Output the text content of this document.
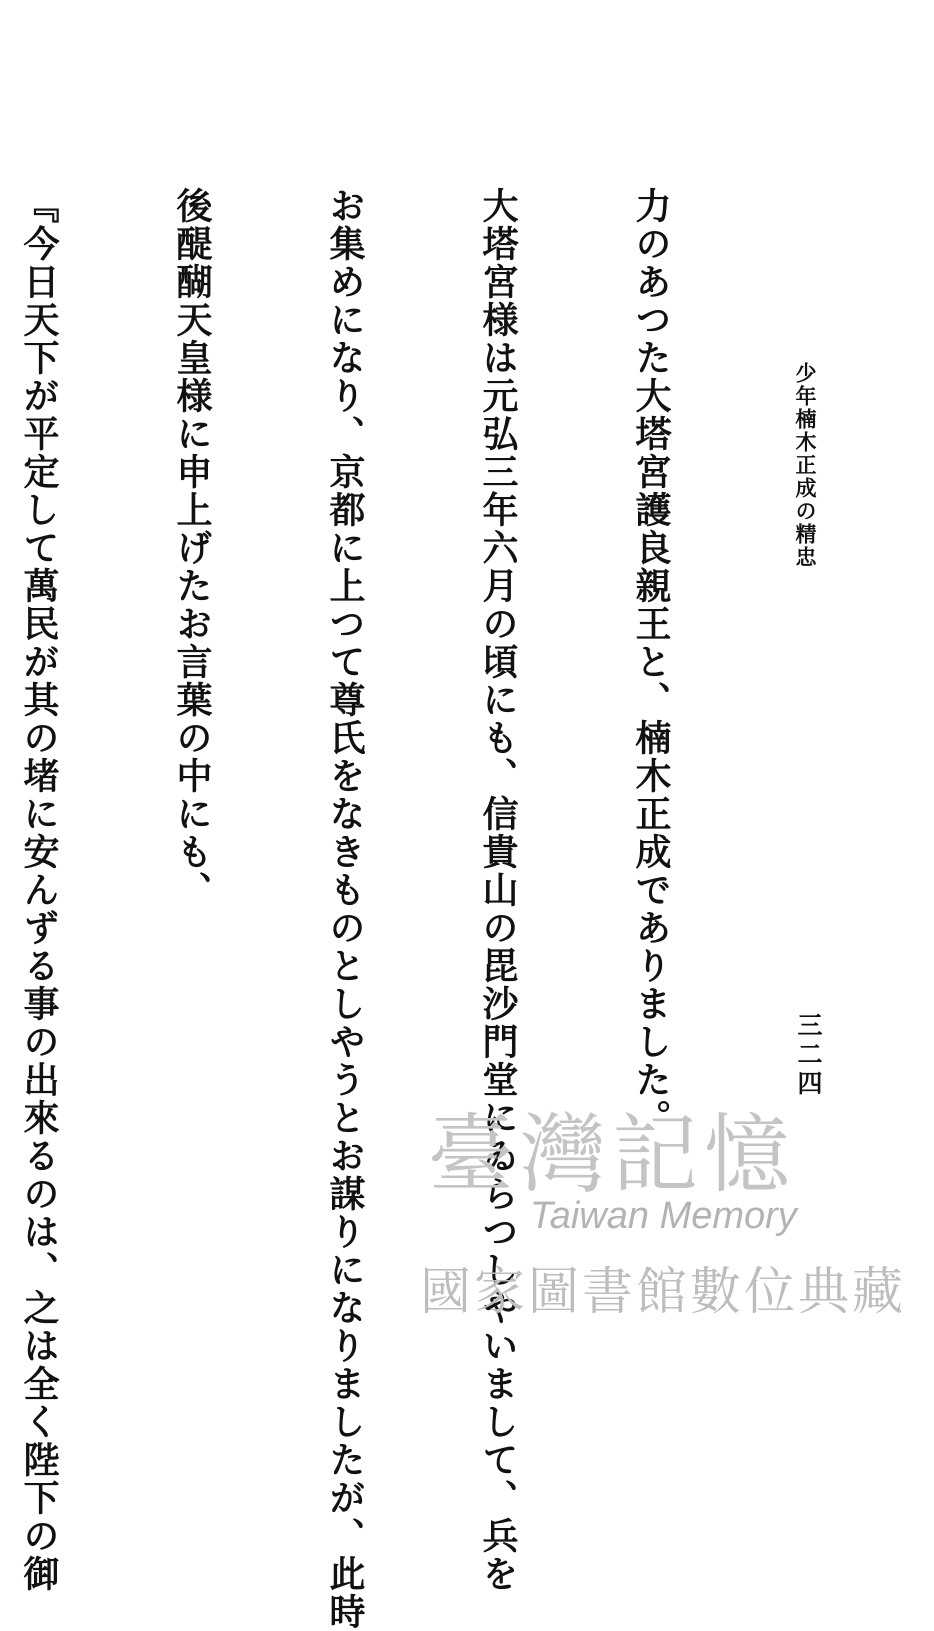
少年楠木正成の精忠
三二四

力のあつた大塔宮護良親王と、楠木正成でありました。

大塔宮様は元弘三年六月の頃にも、信貴山の毘沙門堂にゐらつしやいまして、兵を

お集めになり、京都に上つて尊氏をなきものとしやうとお謀りになりましたが、此時

後醍醐天皇様に申上げたお言葉の中にも、

『今日天下が平定して萬民が其の堵に安んずる事の出來るのは、之は全く陛下の御

	臺灣記憶
Taiwan Memory
國家圖書館數位典藏
